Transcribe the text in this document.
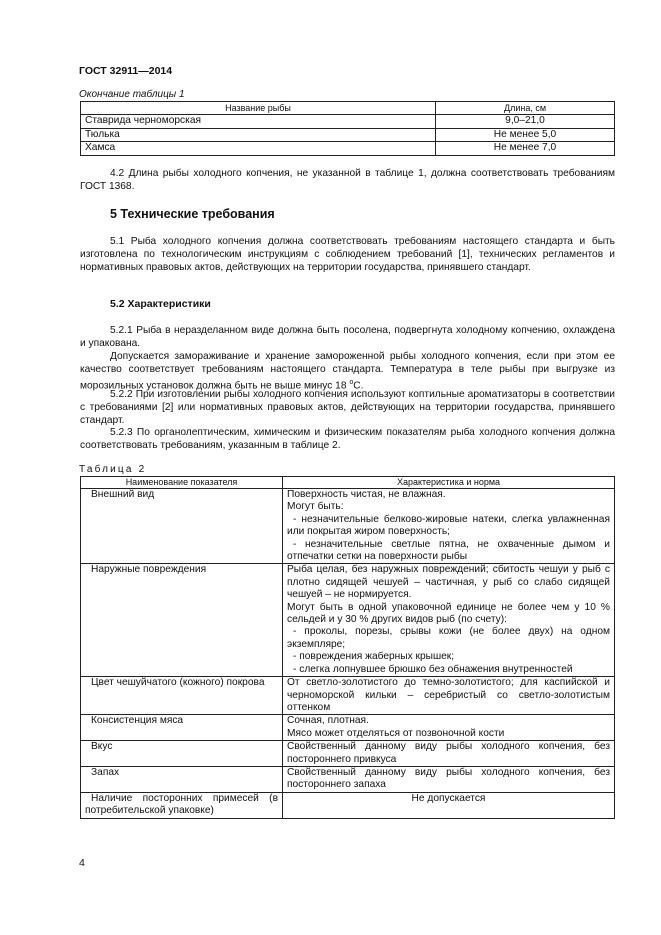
ГОСТ 32911—2014
Окончание таблицы 1
Название рыбы	Длина, см
Ставрида черноморская	9,0–21,0
Тюлька	Не менее 5,0
Хамса	Не менее 7,0

4.2 Длина рыбы холодного копчения, не указанной в таблице 1, должна соответствовать требованиям ГОСТ 1368.

5 Технические требования

5.1 Рыба холодного копчения должна соответствовать требованиям настоящего стандарта и быть изготовлена по технологическим инструкциям с соблюдением требований [1], технических регламентов и нормативных правовых актов, действующих на территории государства, принявшего стандарт.

5.2 Характеристики

5.2.1 Рыба в неразделанном виде должна быть посолена, подвергнута холодному копчению, охлаждена и упакована.

Допускается замораживание и хранение замороженной рыбы холодного копчения, если при этом ее качество соответствует требованиям настоящего стандарта. Температура в теле рыбы при выгрузке из морозильных установок должна быть не выше минус 18 $^о$С.

5.2.2 При изготовлении рыбы холодного копчения используют коптильные ароматизаторы в соответствии с требованиями [2] или нормативных правовых актов, действующих на территории государства, принявшего стандарт.

5.2.3 По органолептическим, химическим и физическим показателям рыба холодного копчения должна соответствовать требованиям, указанным в таблице 2.

Таблица 2
Наименование показателя	Характеристика и норма

Внешний вид	Поверхность чистая, не влажная.
Могут быть:
- незначительные белково-жировые натеки, слегка увлажненная или покрытая жиром поверхность;
- незначительные светлые пятна, не охваченные дымом и отпечатки сетки на поверхности рыбы

Наружные повреждения	Рыба целая, без наружных повреждений; сбитость чешуи у рыб с плотно сидящей чешуей – частичная, у рыб со слабо сидящей чешуей – не нормируется.
Могут быть в одной упаковочной единице не более чем у 10 % сельдей и у 30 % других видов рыб (по счету):
- проколы, порезы, срывы кожи (не более двух) на одном экземпляре;
- повреждения жаберных крышек;
- слегка лопнувшее брюшко без обнажения внутренностей

Цвет чешуйчатого (кожного) покрова	От светло-золотистого до темно-золотистого; для каспийской и черноморской кильки – серебристый со светло-золотистым оттенком

Консистенция мяса	Сочная, плотная.
Мясо может отделяться от позвоночной кости

Вкус	Свойственный данному виду рыбы холодного копчения, без постороннего привкуса

Запах	Свойственный данному виду рыбы холодного копчения, без постороннего запаха

Наличие посторонних примесей (в потребительской упаковке)	Не допускается
4
